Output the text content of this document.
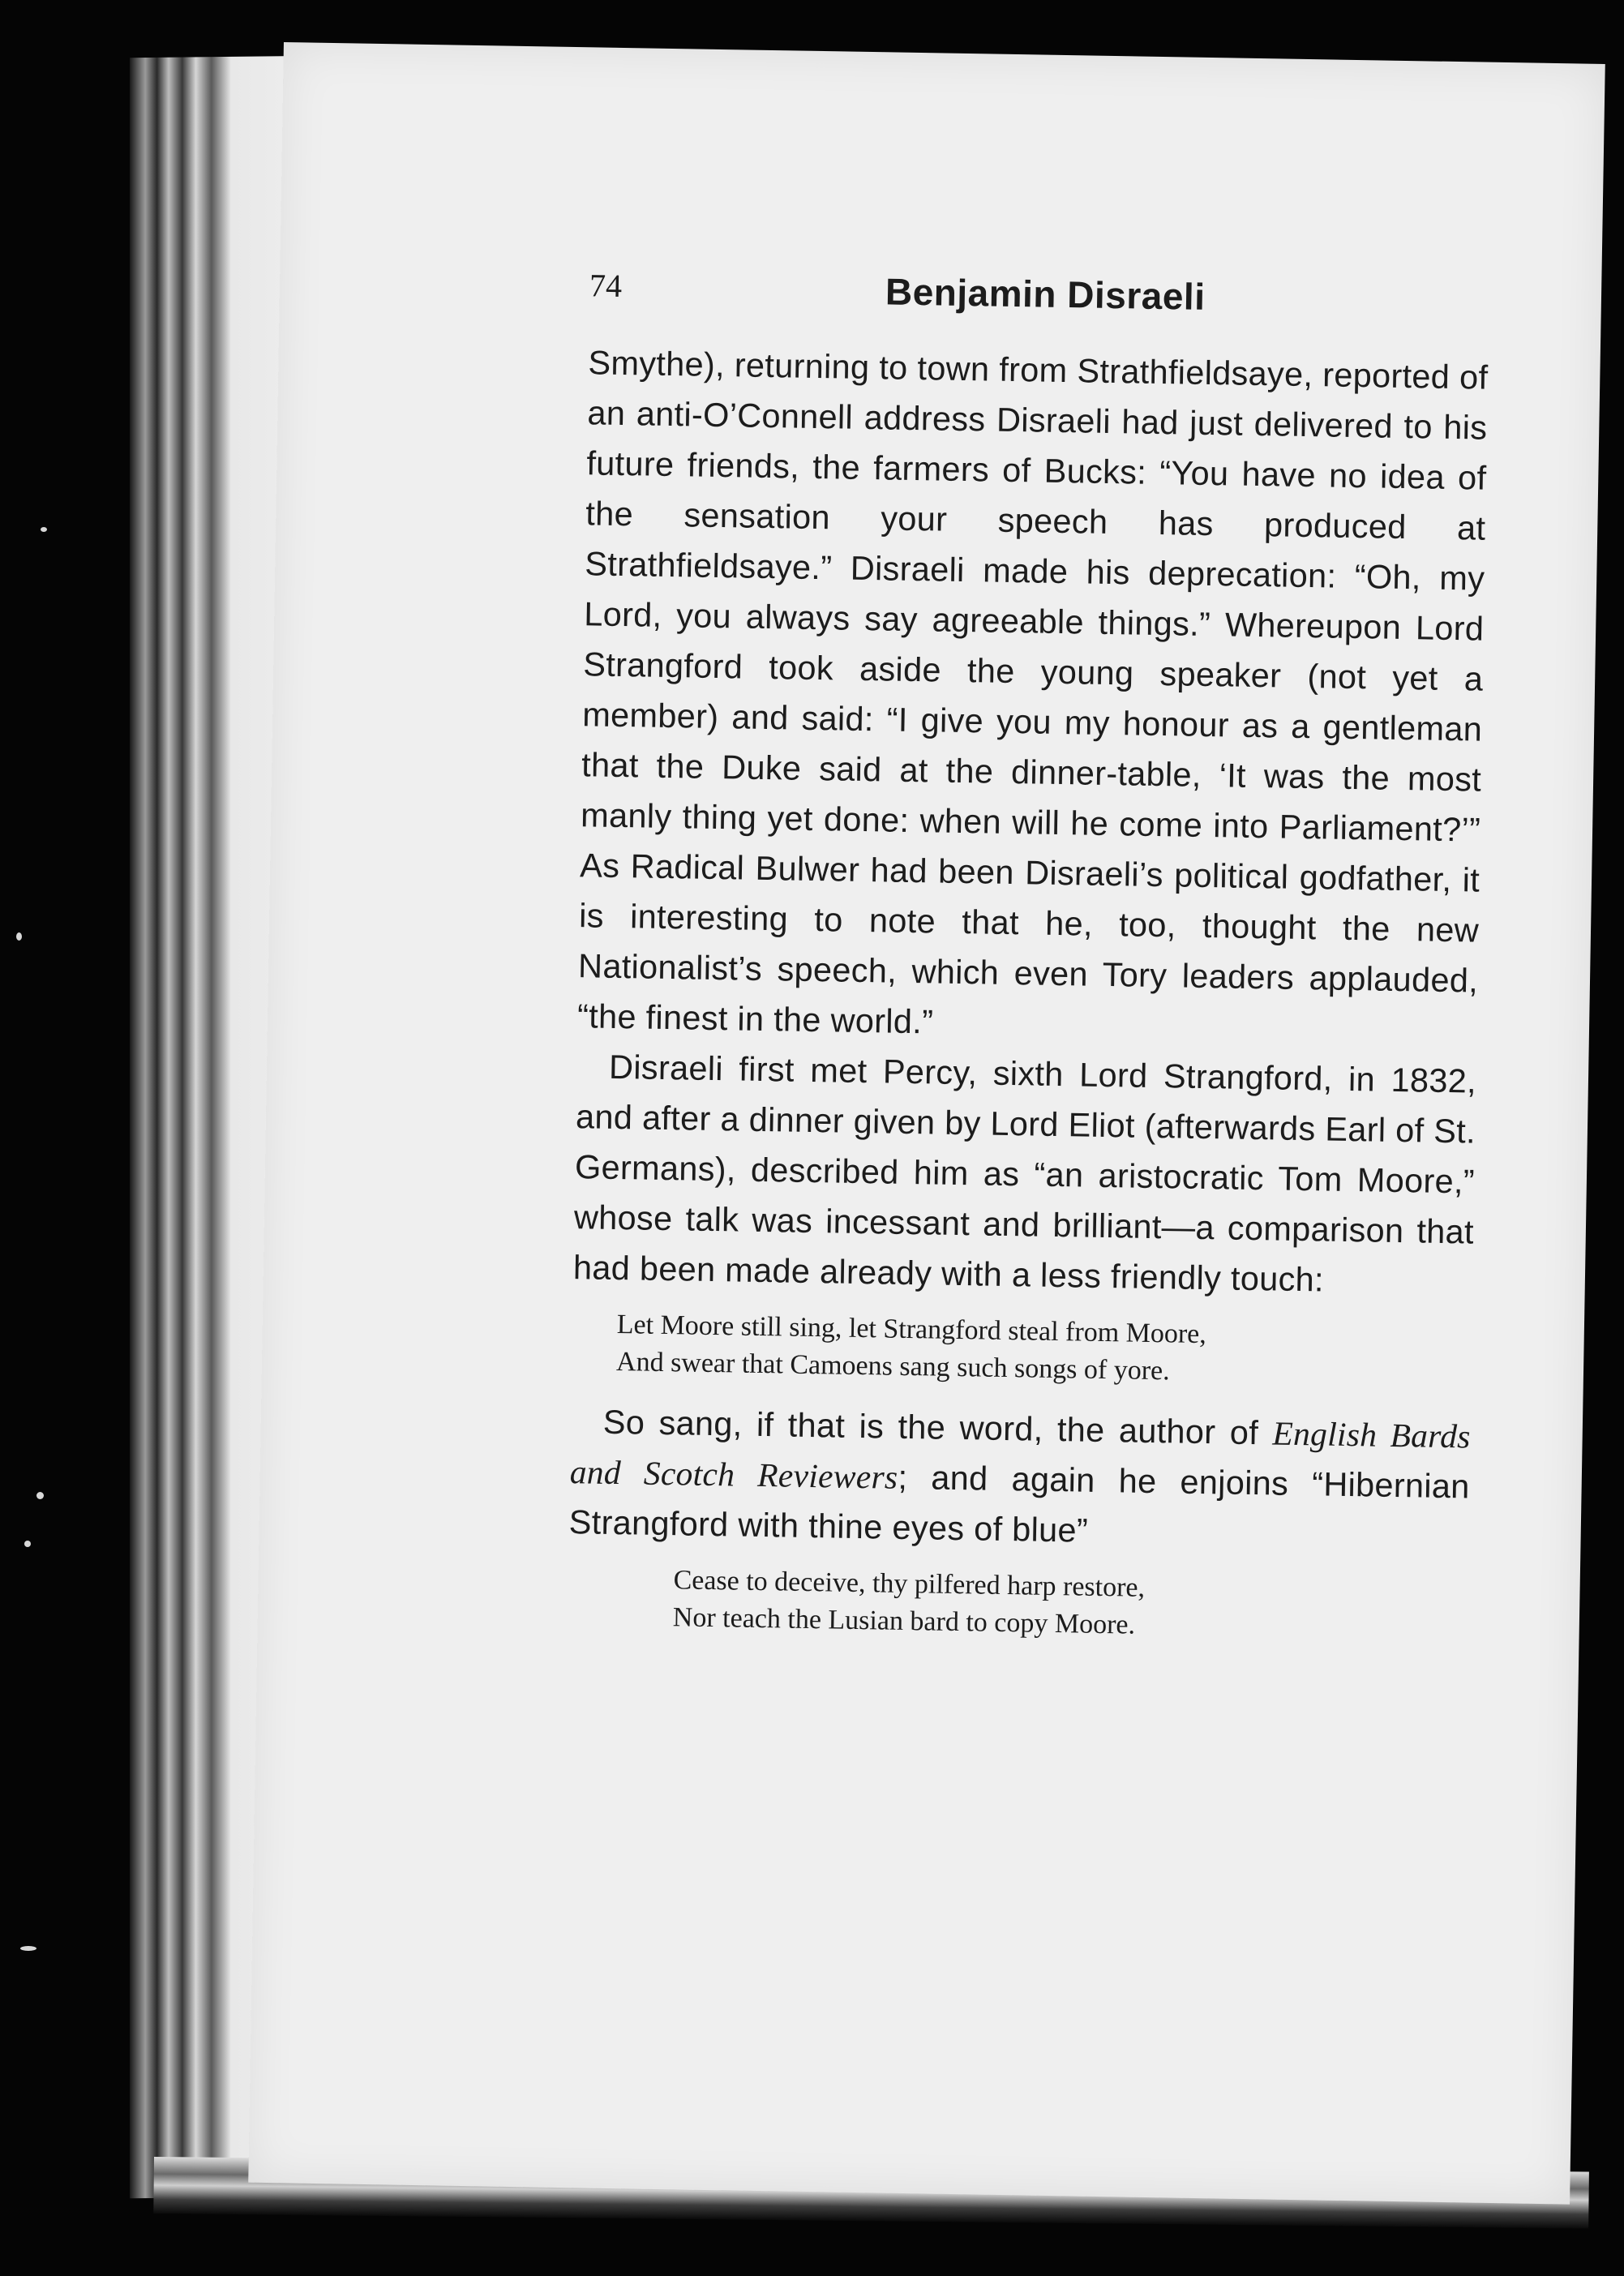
74	Benjamin Disraeli

Smythe), returning to town from Strathfieldsaye, reported of an anti-O’Connell address Disraeli had just delivered to his future friends, the farmers of Bucks: “You have no idea of the sensation your speech has produced at Strathfieldsaye.” Disraeli made his deprecation: “Oh, my Lord, you always say agreeable things.” Whereupon Lord Strangford took aside the young speaker (not yet a member) and said: “I give you my honour as a gentleman that the Duke said at the dinner-table, ‘It was the most manly thing yet done: when will he come into Parliament?’” As Radical Bulwer had been Disraeli’s political godfather, it is interesting to note that he, too, thought the new Nationalist’s speech, which even Tory leaders applauded, “the finest in the world.”

Disraeli first met Percy, sixth Lord Strangford, in 1832, and after a dinner given by Lord Eliot (afterwards Earl of St. Germans), described him as “an aristocratic Tom Moore,” whose talk was incessant and brilliant—a comparison that had been made already with a less friendly touch:

Let Moore still sing, let Strangford steal from Moore,
And swear that Camoens sang such songs of yore.

So sang, if that is the word, the author of English Bards and Scotch Reviewers; and again he enjoins “Hibernian Strangford with thine eyes of blue”

Cease to deceive, thy pilfered harp restore,
Nor teach the Lusian bard to copy Moore.
